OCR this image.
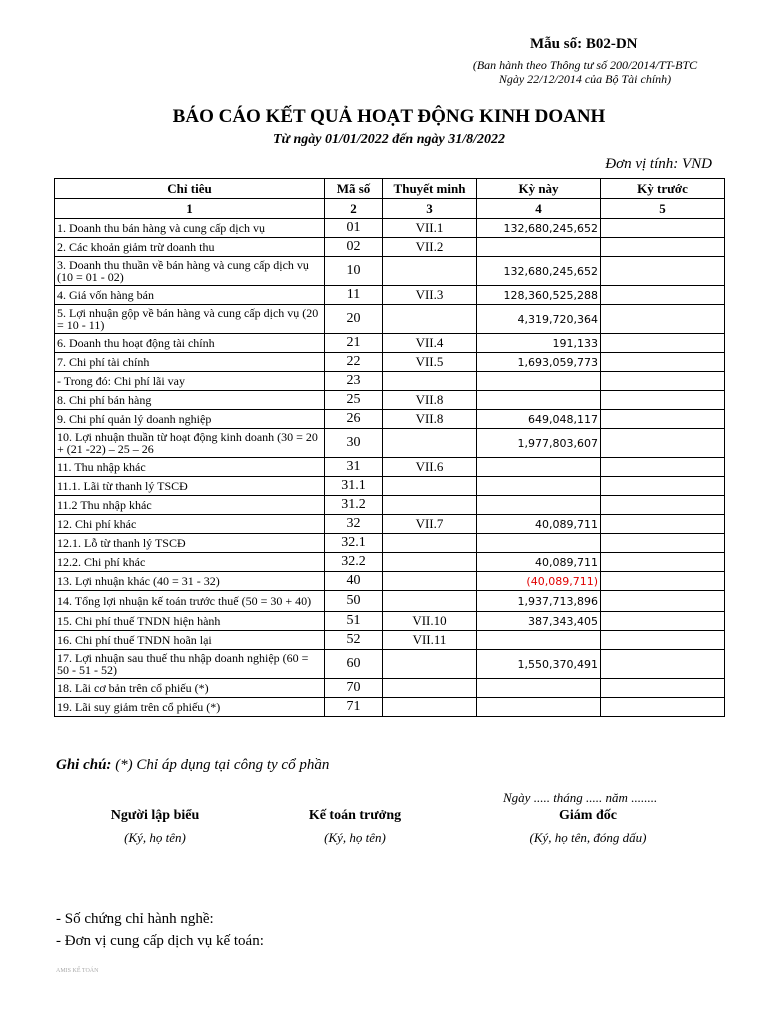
Mẫu số: B02-DN
(Ban hành theo Thông tư số 200/2014/TT-BTC
Ngày 22/12/2014 của Bộ Tài chính)
BÁO CÁO KẾT QUẢ HOẠT ĐỘNG KINH DOANH
Từ ngày 01/01/2022 đến ngày 31/8/2022
Đơn vị tính: VND
Chỉ tiêu	Mã số	Thuyết minh	Kỳ này	Kỳ trước
1	2	3	4	5
1. Doanh thu bán hàng và cung cấp dịch vụ	01	VII.1	132,680,245,652	
2. Các khoản giảm trừ doanh thu	02	VII.2		
3. Doanh thu thuần về bán hàng và cung cấp dịch vụ (10 = 01 - 02)	10		132,680,245,652	
4. Giá vốn hàng bán	11	VII.3	128,360,525,288	
5. Lợi nhuận gộp về bán hàng và cung cấp dịch vụ (20 = 10 - 11)	20		4,319,720,364	
6. Doanh thu hoạt động tài chính	21	VII.4	191,133	
7. Chi phí tài chính	22	VII.5	1,693,059,773	
- Trong đó: Chi phí lãi vay	23			
8. Chi phí bán hàng	25	VII.8		
9. Chi phí quản lý doanh nghiệp	26	VII.8	649,048,117	
10. Lợi nhuận thuần từ hoạt động kinh doanh (30 = 20 + (21 -22) – 25 – 26	30		1,977,803,607	
11. Thu nhập khác	31	VII.6		
11.1. Lãi từ thanh lý TSCĐ	31.1			
11.2 Thu nhập khác	31.2			
12. Chi phí khác	32	VII.7	40,089,711	
12.1. Lỗ từ thanh lý TSCĐ	32.1			
12.2. Chi phí khác	32.2		40,089,711	
13. Lợi nhuận khác (40 = 31 - 32)	40		(40,089,711)	
14. Tổng lợi nhuận kế toán trước thuế (50 = 30 + 40)	50		1,937,713,896	
15. Chi phí thuế TNDN hiện hành	51	VII.10	387,343,405	
16. Chi phí thuế TNDN hoãn lại	52	VII.11		
17. Lợi nhuận sau thuế thu nhập doanh nghiệp (60 = 50 - 51 - 52)	60		1,550,370,491	
18. Lãi cơ bản trên cổ phiếu (*)	70			
19. Lãi suy giảm trên cổ phiếu (*)	71			
Ghi chú: (*) Chỉ áp dụng tại công ty cổ phần
Ngày ..... tháng ..... năm ........
Người lập biểu
(Ký, họ tên)
Kế toán trưởng
(Ký, họ tên)
Giám đốc
(Ký, họ tên, đóng dấu)
- Số chứng chỉ hành nghề:
- Đơn vị cung cấp dịch vụ kế toán:
AMIS KẾ TOÁN
